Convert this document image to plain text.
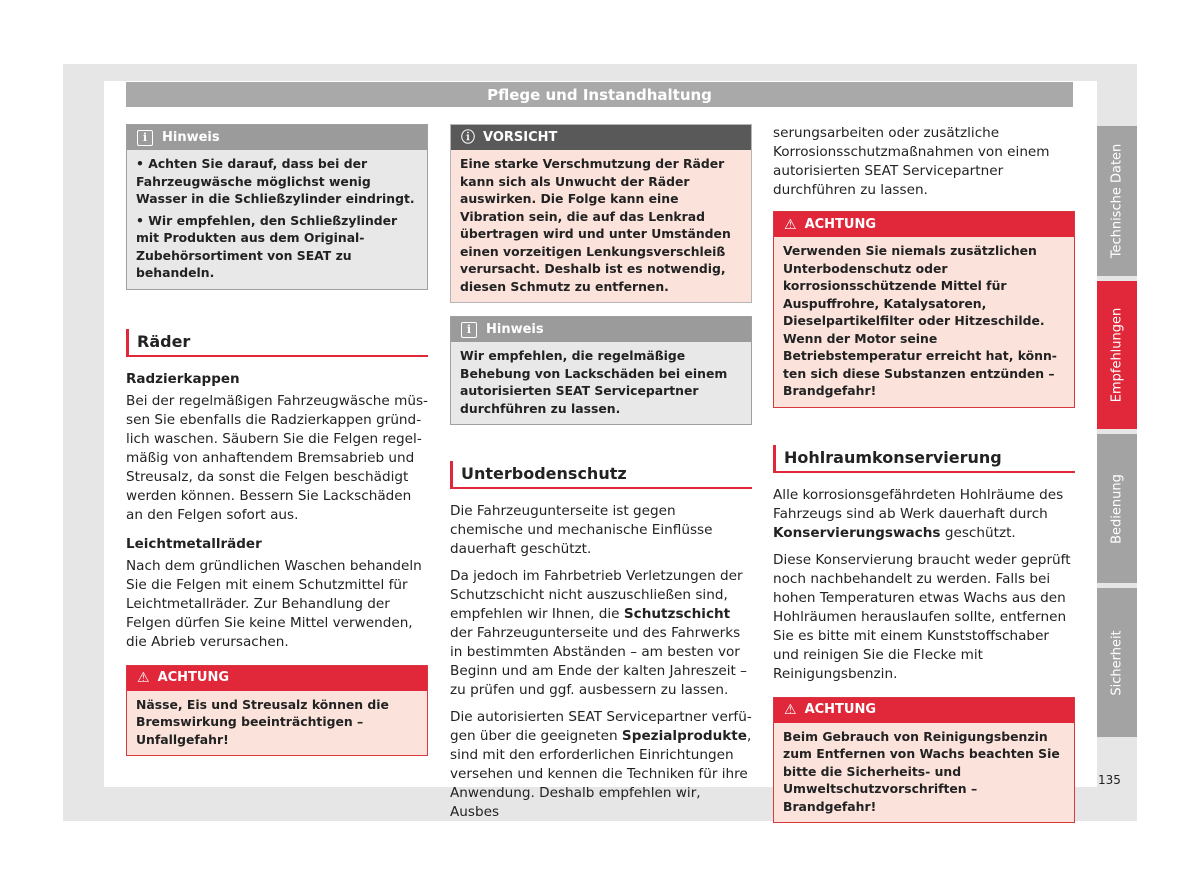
Pflege und Instandhaltung
i	Hinweis
• Achten Sie darauf, dass bei der Fahrzeugwäsche möglichst wenig Wasser in die Schließzylinder eindringt.
• Wir empfehlen, den Schließzylinder mit Produkten aus dem Original-Zubehörsortiment von SEAT zu behandeln.
Räder
Radzierkappen

Bei der regelmäßigen Fahrzeugwäsche müssen Sie ebenfalls die Radzierkappen gründlich waschen. Säubern Sie die Felgen regelmäßig von anhaftendem Bremsabrieb und Streusalz, da sonst die Felgen beschädigt werden können. Bessern Sie Lackschäden an den Felgen sofort aus.

Leichtmetallräder

Nach dem gründlichen Waschen behandeln Sie die Felgen mit einem Schutzmittel für Leichtmetallräder. Zur Behandlung der Felgen dürfen Sie keine Mittel verwenden, die Abrieb verursachen.

⚠ ACHTUNG
Nässe, Eis und Streusalz können die Bremswirkung beeinträchtigen – Unfallgefahr!
ⓘ VORSICHT
Eine starke Verschmutzung der Räder kann sich als Unwucht der Räder auswirken. Die Folge kann eine Vibration sein, die auf das Lenkrad übertragen wird und unter Umständen einen vorzeitigen Lenkungsverschleiß verursacht. Deshalb ist es notwendig, diesen Schmutz zu entfernen.
i	Hinweis
Wir empfehlen, die regelmäßige Behebung von Lackschäden bei einem autorisierten SEAT Servicepartner durchführen zu lassen.
Unterbodenschutz

Die Fahrzeugunterseite ist gegen chemische und mechanische Einflüsse dauerhaft geschützt.

Da jedoch im Fahrbetrieb Verletzungen der Schutzschicht nicht auszuschließen sind, empfehlen wir Ihnen, die Schutzschicht der Fahrzeugunterseite und des Fahrwerks in bestimmten Abständen – am besten vor Beginn und am Ende der kalten Jahreszeit – zu prüfen und ggf. ausbessern zu lassen.

Die autorisierten SEAT Servicepartner verfügen über die geeigneten Spezialprodukte, sind mit den erforderlichen Einrichtungen versehen und kennen die Techniken für ihre Anwendung. Deshalb empfehlen wir, Ausbes

serungsarbeiten oder zusätzliche Korrosionsschutzmaßnahmen von einem autorisierten SEAT Servicepartner durchführen zu lassen.

⚠ ACHTUNG
Verwenden Sie niemals zusätzlichen Unterbodenschutz oder korrosionsschützende Mittel für Auspuffrohre, Katalysatoren, Dieselpartikelfilter oder Hitzeschilde. Wenn der Motor seine Betriebstemperatur erreicht hat, könnten sich diese Substanzen entzünden – Brandgefahr!
Hohlraumkonservierung

Alle korrosionsgefährdeten Hohlräume des Fahrzeugs sind ab Werk dauerhaft durch Konservierungswachs geschützt.

Diese Konservierung braucht weder geprüft noch nachbehandelt zu werden. Falls bei hohen Temperaturen etwas Wachs aus den Hohlräumen herauslaufen sollte, entfernen Sie es bitte mit einem Kunststoffschaber und reinigen Sie die Flecke mit Reinigungsbenzin.

⚠ ACHTUNG
Beim Gebrauch von Reinigungsbenzin zum Entfernen von Wachs beachten Sie bitte die Sicherheits- und Umweltschutzvorschriften – Brandgefahr!
Technische Daten
Empfehlungen
Bedienung
Sicherheit
135
